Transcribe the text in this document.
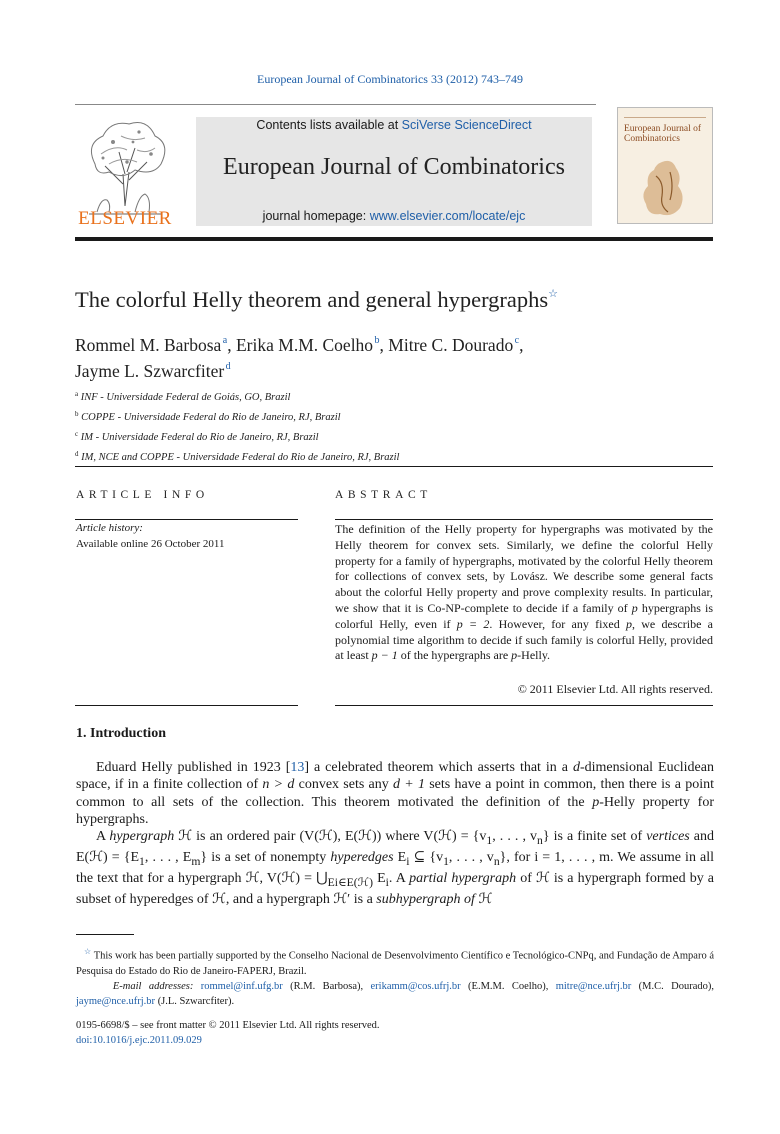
European Journal of Combinatorics 33 (2012) 743–749
ELSEVIER
Contents lists available at SciVerse ScienceDirect
European Journal of Combinatorics
journal homepage: www.elsevier.com/locate/ejc
European Journal of Combinatorics
The colorful Helly theorem and general hypergraphs☆
Rommel M. Barbosa $^a$, Erika M.M. Coelho $^b$, Mitre C. Dourado $^c$,
Jayme L. Szwarcfiter $^d$
$^a$ INF - Universidade Federal de Goiás, GO, Brazil
$^b$ COPPE - Universidade Federal do Rio de Janeiro, RJ, Brazil
$^c$ IM - Universidade Federal do Rio de Janeiro, RJ, Brazil
$^d$ IM, NCE and COPPE - Universidade Federal do Rio de Janeiro, RJ, Brazil
ARTICLE INFO
Article history:
Available online 26 October 2011
ABSTRACT
The definition of the Helly property for hypergraphs was motivated by the Helly theorem for convex sets. Similarly, we define the colorful Helly property for a family of hypergraphs, motivated by the colorful Helly theorem for collections of convex sets, by Lovász. We describe some general facts about the colorful Helly property and prove complexity results. In particular, we show that it is Co-NP-complete to decide if a family of p hypergraphs is colorful Helly, even if p = 2. However, for any fixed p, we describe a polynomial time algorithm to decide if such family is colorful Helly, provided at least p − 1 of the hypergraphs are p-Helly.
© 2011 Elsevier Ltd. All rights reserved.
1. Introduction

Eduard Helly published in 1923 [13] a celebrated theorem which asserts that in a d-dimensional Euclidean space, if in a finite collection of n > d convex sets any d + 1 sets have a point in common, then there is a point common to all sets of the collection. This theorem motivated the definition of the p-Helly property for hypergraphs.

A hypergraph ℋ is an ordered pair (V(ℋ), E(ℋ)) where V(ℋ) = {$v_1$, . . . , $v_n$} is a finite set of vertices and E(ℋ) = {$E_1$, . . . , $E_m$} is a set of nonempty hyperedges $E_i$ ⊆ {$v_1$, . . . , $v_n$}, for i = 1, . . . , m. We assume in all the text that for a hypergraph ℋ, V(ℋ) = $⋃_{Ei\in E(ℋ)}$ $E_i$. A partial hypergraph of ℋ is a hypergraph formed by a subset of hyperedges of ℋ, and a hypergraph ℋ′ is a subhypergraph of ℋ

☆ This work has been partially supported by the Conselho Nacional de Desenvolvimento Científico e Tecnológico-CNPq, and Fundação de Amparo á Pesquisa do Estado do Rio de Janeiro-FAPERJ, Brazil.

E-mail addresses: rommel@inf.ufg.br (R.M. Barbosa), erikamm@cos.ufrj.br (E.M.M. Coelho), mitre@nce.ufrj.br (M.C. Dourado), jayme@nce.ufrj.br (J.L. Szwarcfiter).

0195-6698/$ – see front matter © 2011 Elsevier Ltd. All rights reserved.
doi:10.1016/j.ejc.2011.09.029
